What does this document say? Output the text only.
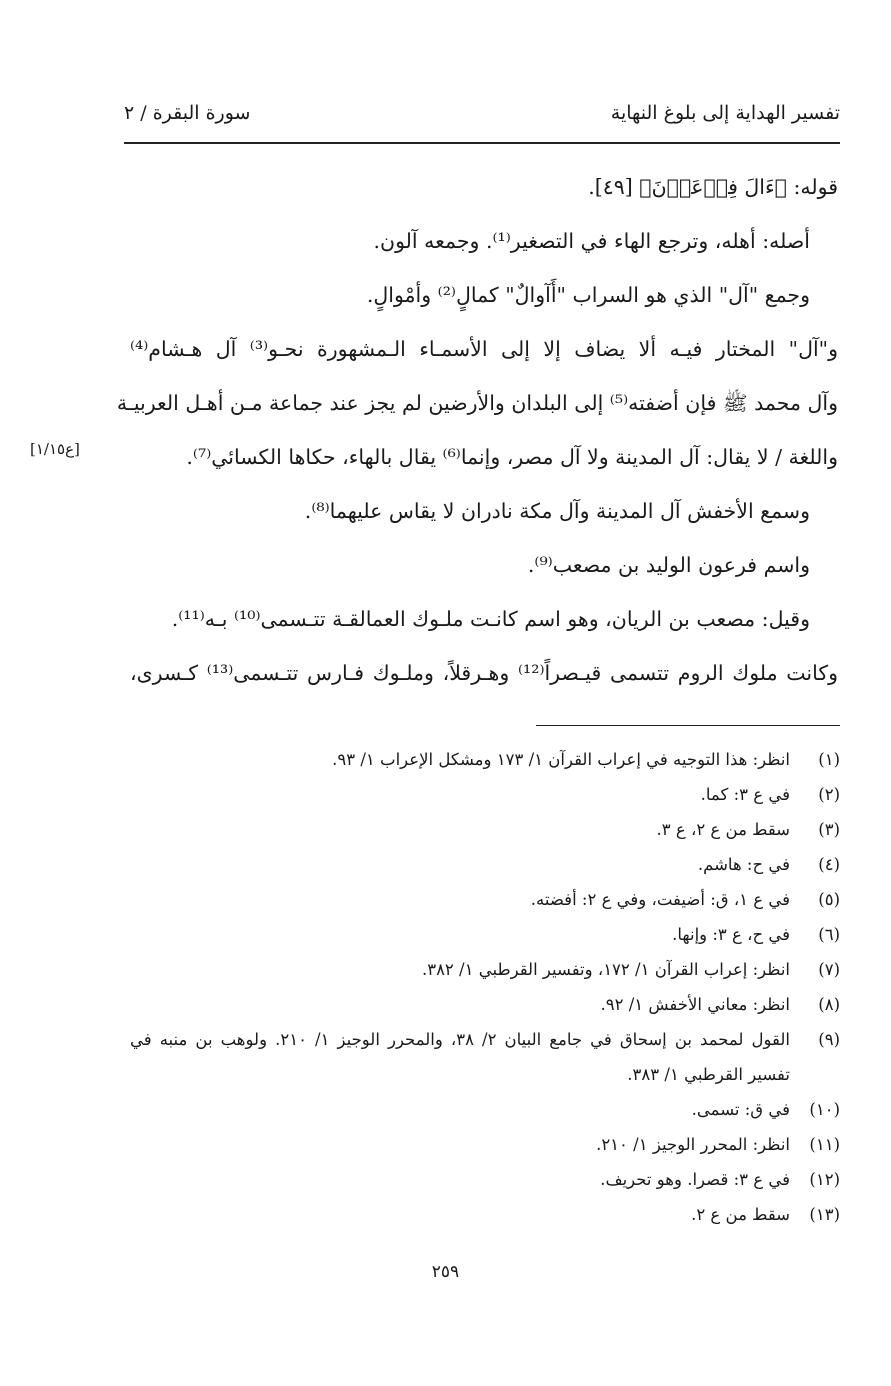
تفسير الهداية إلى بلوغ النهاية
سورة البقرة / ٢
قوله: ﴿ءَالَ فِرۡعَوۡنَ﴾ [٤٩].
أصله: أهله، وترجع الهاء في التصغير⁽¹⁾. وجمعه آلون.
وجمع "آل" الذي هو السراب "أَآوالٌ" كمالٍ⁽²⁾ وأمْوالٍ.
و"آل" المختار فيـه ألا يضاف إلا إلى الأسمـاء الـمشهورة نحـو⁽³⁾ آل هـشام⁽⁴⁾
وآل محمد ﷺ فإن أضفته⁽⁵⁾ إلى البلدان والأرضين لم يجز عند جماعة مـن أهـل العربيـة
واللغة / لا يقال: آل المدينة ولا آل مصر، وإنما⁽⁶⁾ يقال بالهاء، حكاها الكسائي⁽⁷⁾.
وسمع الأخفش آل المدينة وآل مكة نادران لا يقاس عليهما⁽⁸⁾.
واسم فرعون الوليد بن مصعب⁽⁹⁾.
وقيل: مصعب بن الريان، وهو اسم كانـت ملـوك العمالقـة تتـسمى⁽¹⁰⁾ بـه⁽¹¹⁾.
وكانت ملوك الروم تتسمى قيـصراً⁽¹²⁾ وهـرقلاً، وملـوك فـارس تتـسمى⁽¹³⁾ كـسرى،
[ع١/١٥]
(١)
انظر: هذا التوجيه في إعراب القرآن ١/ ١٧٣ ومشكل الإعراب ١/ ٩٣.
(٢)
في ع ٣: كما.
(٣)
سقط من ع ٢، ع ٣.
(٤)
في ح: هاشم.
(٥)
في ع ١، ق: أضيفت، وفي ع ٢: أفضته.
(٦)
في ح، ع ٣: وإنها.
(٧)
انظر: إعراب القرآن ١/ ١٧٢، وتفسير القرطبي ١/ ٣٨٢.
(٨)
انظر: معاني الأخفش ١/ ٩٢.
(٩)
القول لمحمد بن إسحاق في جامع البيان ٢/ ٣٨، والمحرر الوجيز ١/ ٢١٠. ولوهب بن منبه في تفسير القرطبي ١/ ٣٨٣.
(١٠)
في ق: تسمى.
(١١)
انظر: المحرر الوجيز ١/ ٢١٠.
(١٢)
في ع ٣: قصرا. وهو تحريف.
(١٣)
سقط من ع ٢.
٢٥٩
